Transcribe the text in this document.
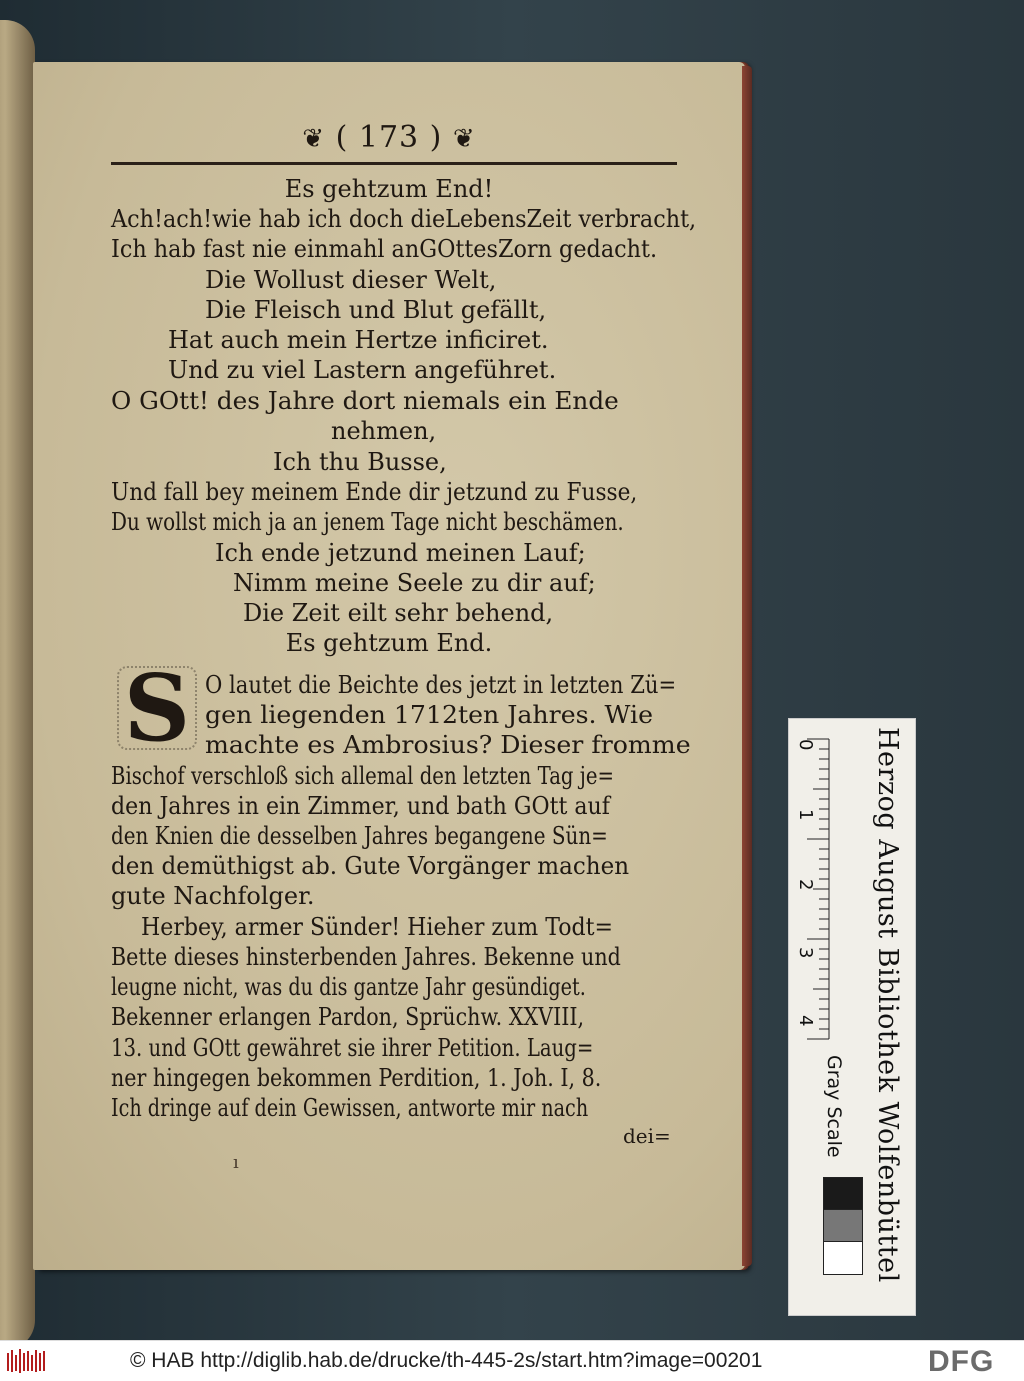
❦ ( 173 ) ❦
Es gehtzum End!
Ach!ach!wie hab ich doch dieLebensZeit verbracht,
Ich hab fast nie einmahl anGOttesZorn gedacht.
Die Wollust dieser Welt,
Die Fleisch und Blut gefällt,
Hat auch mein Hertze inficiret.
Und zu viel Lastern angeführet.
O GOtt! des Jahre dort niemals ein Ende
nehmen,
Ich thu Busse,
Und fall bey meinem Ende dir jetzund zu Fusse,
Du wollst mich ja an jenem Tage nicht beschämen.
Ich ende jetzund meinen Lauf;
Nimm meine Seele zu dir auf;
Die Zeit eilt sehr behend,
Es gehtzum End.
S O lautet die Beichte des jetzt in letzten Zü=
gen liegenden 1712ten Jahres. Wie
machte es Ambrosius? Dieser fromme
Bischof verschloß sich allemal den letzten Tag je=
den Jahres in ein Zimmer, und bath GOtt auf
den Knien die desselben Jahres begangene Sün=
den demüthigst ab. Gute Vorgänger machen
gute Nachfolger.
Herbey, armer Sünder! Hieher zum Todt=
Bette dieses hinsterbenden Jahres. Bekenne und
leugne nicht, was du dis gantze Jahr gesündiget.
Bekenner erlangen Pardon, Sprüchw. XXVIII,
13. und GOtt gewähret sie ihrer Petition. Laug=
ner hingegen bekommen Perdition, 1. Joh. I, 8.
Ich dringe auf dein Gewissen, antworte mir nach
dei=
ı
0
1
2
3
4
Gray Scale	Herzog August Bibliothek Wolfenbüttel
© HAB http://diglib.hab.de/drucke/th-445-2s/start.htm?image=00201	DFG
